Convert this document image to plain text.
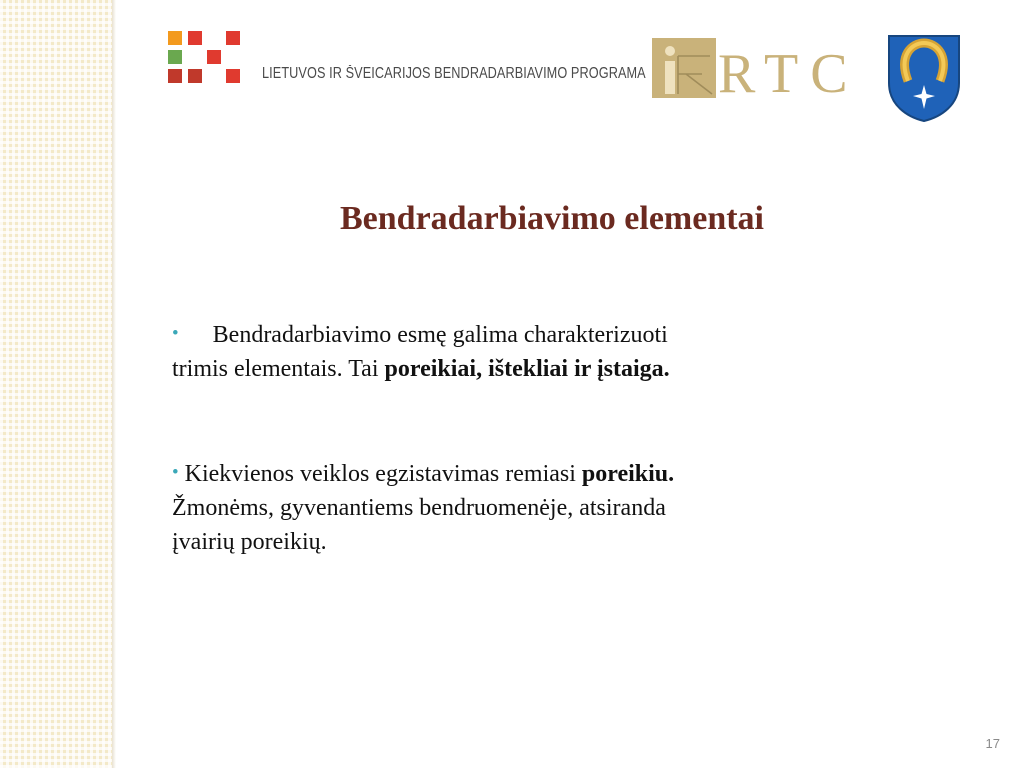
LIETUVOS IR ŠVEICARIJOS BENDRADARBIAVIMO PROGRAMA RTC
Bendradarbiavimo elementai
• Bendradarbiavimo esmę galima charakterizuoti
trimis elementais. Tai poreikiai, ištekliai ir įstaiga.
• Kiekvienos veiklos egzistavimas remiasi poreikiu.
Žmonėms, gyvenantiems bendruomenėje, atsiranda
įvairių poreikių.
17
